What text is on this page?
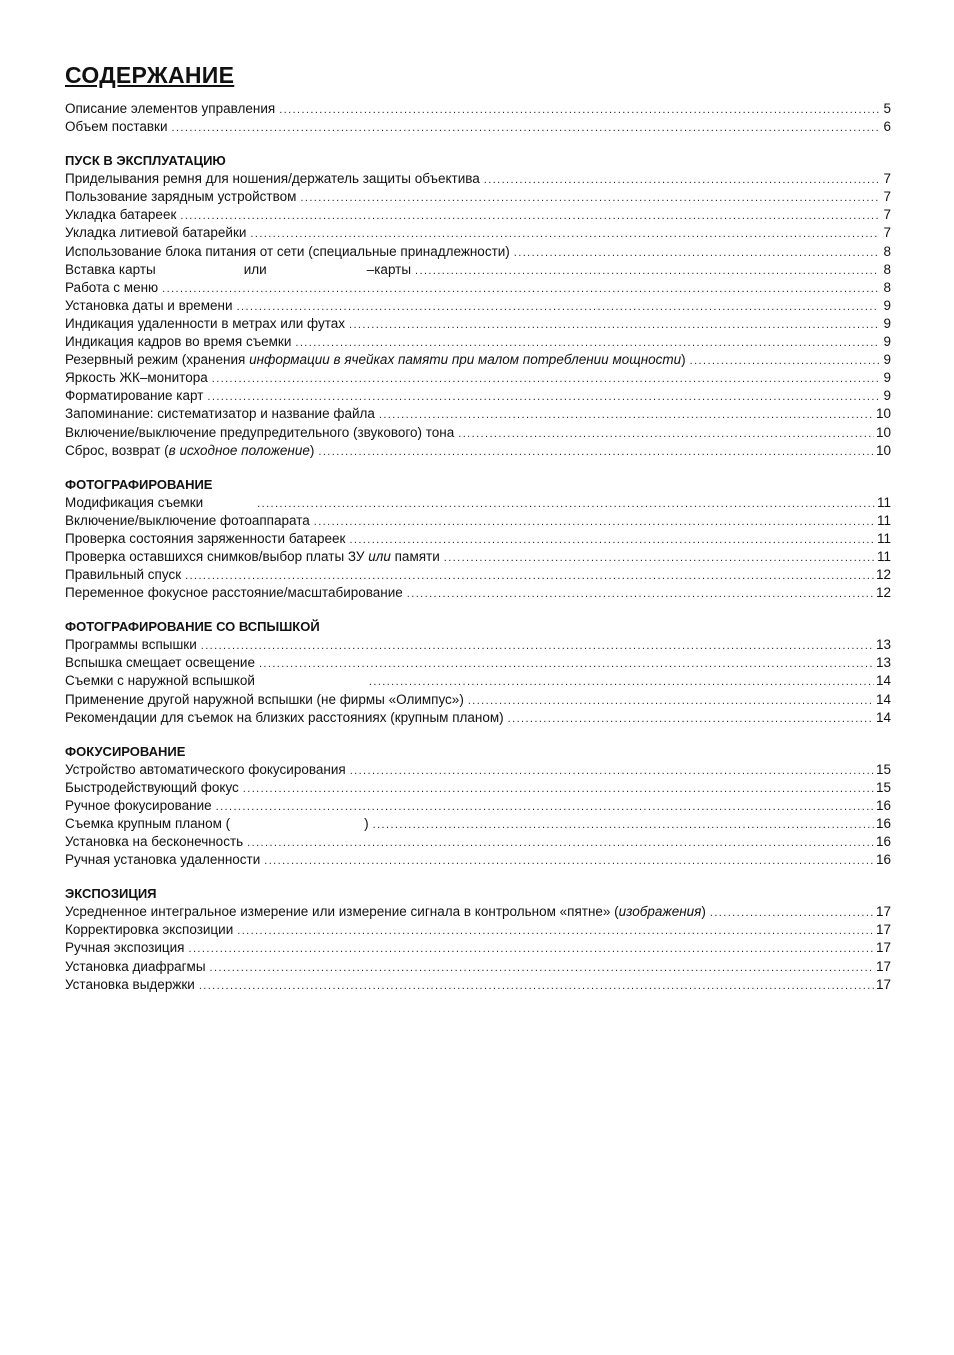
СОДЕРЖАНИЕ
Описание элементов управления .....	5
Объем поставки .....	6
ПУСК В ЭКСПЛУАТАЦИЮ
Приделывания ремня для ношения/держатель защиты объектива .....	7
Пользование зарядным устройством .....	7
Укладка батареек .....	7
Укладка литиевой батарейки .....	7
Использование блока питания от сети (специальные принадлежности) .....	8
Вставка карты	или	–карты .....	8
Работа с меню .....	8
Установка даты и времени .....	9
Индикация удаленности в метрах или футах .....	9
Индикация кадров во время съемки .....	9
Резервный режим (хранения информации в ячейках памяти при малом потреблении мощности) .....	9
Яркость ЖК–монитора .....	9
Форматирование карт .....	9
Запоминание: систематизатор и название файла .....	10
Включение/выключение предупредительного (звукового) тона .....	10
Сброс, возврат (в исходное положение) .....	10
ФОТОГРАФИРОВАНИЕ
Модификация съемки .....	11
Включение/выключение фотоаппарата .....	11
Проверка состояния заряженности батареек .....	11
Проверка оставшихся снимков/выбор платы ЗУ или памяти .....	11
Правильный спуск .....	12
Переменное фокусное расстояние/масштабирование .....	12
ФОТОГРАФИРОВАНИЕ СО ВСПЫШКОЙ
Программы вспышки .....	13
Вспышка смещает освещение .....	13
Съемки с наружной вспышкой .....	14
Применение другой наружной вспышки (не фирмы «Олимпус») .....	14
Рекомендации для съемок на близких расстояниях (крупным планом) .....	14
ФОКУСИРОВАНИЕ
Устройство автоматического фокусирования .....	15
Быстродействующий фокус .....	15
Ручное фокусирование .....	16
Съемка крупным планом (	) .....	16
Установка на бесконечность .....	16
Ручная установка удаленности .....	16
ЭКСПОЗИЦИЯ
Усредненное интегральное измерение или измерение сигнала в контрольном «пятне» (изображения) .....	17
Корректировка экспозиции .....	17
Ручная экспозиция .....	17
Установка диафрагмы .....	17
Установка выдержки .....	17
